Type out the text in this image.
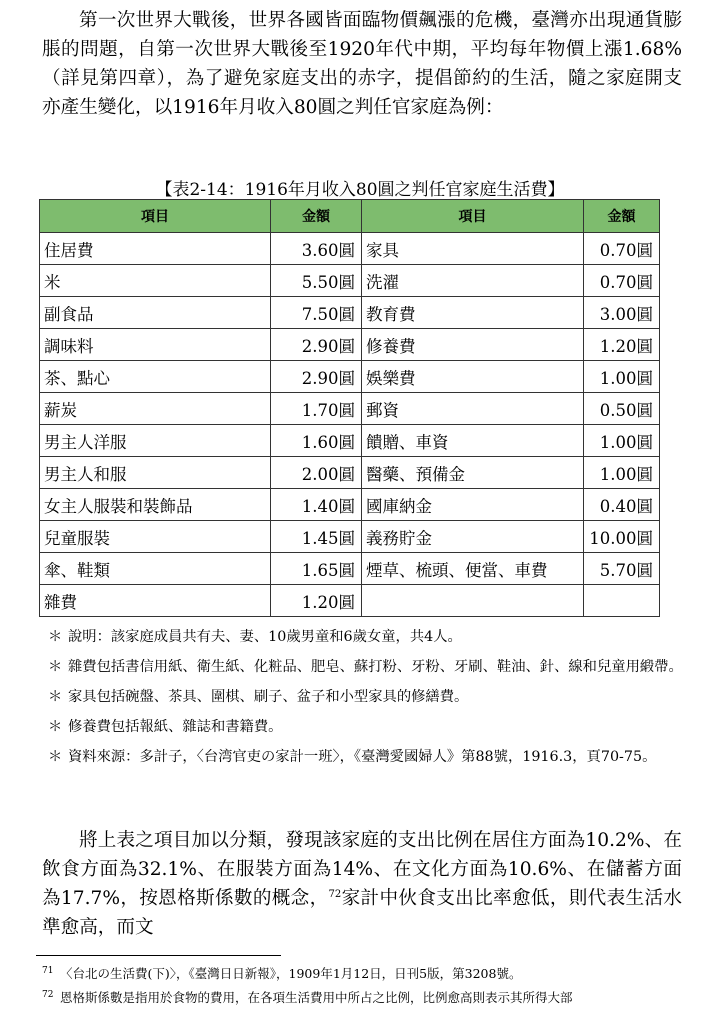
第一次世界大戰後，世界各國皆面臨物價飆漲的危機，臺灣亦出現通貨膨脹的問題，自第一次世界大戰後至1920年代中期，平均每年物價上漲1.68%（詳見第四章），為了避免家庭支出的赤字，提倡節約的生活，隨之家庭開支亦產生變化，以1916年月收入80圓之判任官家庭為例：

【表2-14：1916年月收入80圓之判任官家庭生活費】
項目	金額	項目	金額
住居費	3.60圓	家具	0.70圓
米	5.50圓	洗濯	0.70圓
副食品	7.50圓	教育費	3.00圓
調味料	2.90圓	修養費	1.20圓
茶、點心	2.90圓	娛樂費	1.00圓
薪炭	1.70圓	郵資	0.50圓
男主人洋服	1.60圓	饋贈、車資	1.00圓
男主人和服	2.00圓	醫藥、預備金	1.00圓
女主人服裝和裝飾品	1.40圓	國庫納金	0.40圓
兒童服裝	1.45圓	義務貯金	10.00圓
傘、鞋類	1.65圓	煙草、梳頭、便當、車費	5.70圓
雜費	1.20圓		
＊ 說明：該家庭成員共有夫、妻、10歲男童和6歲女童，共4人。
＊ 雜費包括書信用紙、衛生紙、化粧品、肥皂、蘇打粉、牙粉、牙刷、鞋油、針、線和兒童用緞帶。
＊ 家具包括碗盤、茶具、圍棋、刷子、盆子和小型家具的修繕費。
＊ 修養費包括報紙、雜誌和書籍費。
＊ 資料來源：多計子，〈台湾官吏の家計一班〉，《臺灣愛國婦人》第88號，1916.3，頁70-75。

將上表之項目加以分類，發現該家庭的支出比例在居住方面為10.2%、在飲食方面為32.1%、在服裝方面為14%、在文化方面為10.6%、在儲蓄方面為17.7%，按恩格斯係數的概念，$^{72}$家計中伙食支出比率愈低，則代表生活水準愈高，而文

71 〈台北の生活費(下)〉，《臺灣日日新報》，1909年1月12日，日刊5版，第3208號。
72 恩格斯係數是指用於食物的費用，在各項生活費用中所占之比例，比例愈高則表示其所得大部
